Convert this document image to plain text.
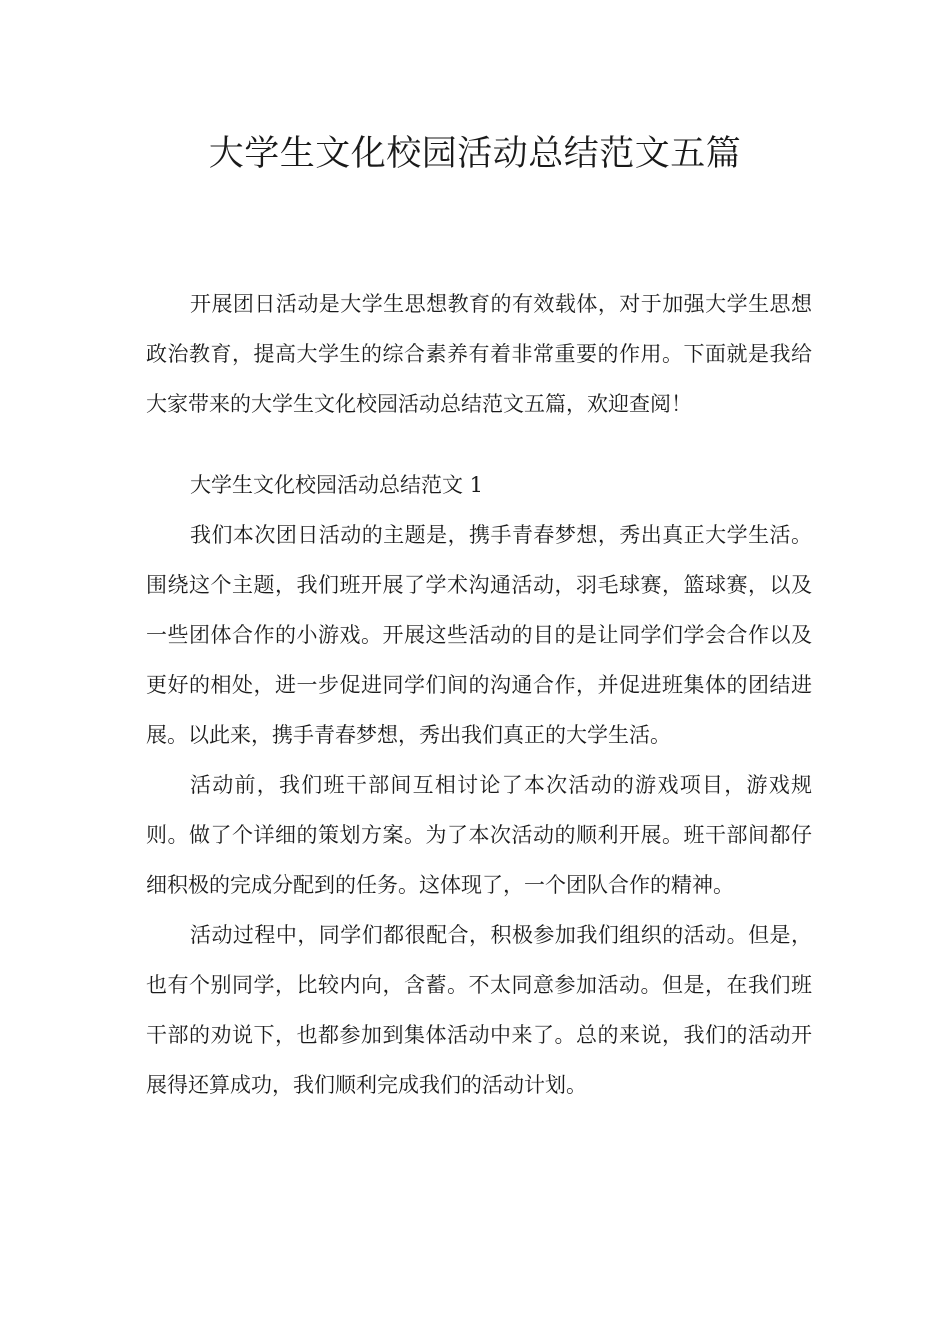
大学生文化校园活动总结范文五篇

开展团日活动是大学生思想教育的有效载体，对于加强大学生思想政治教育，提高大学生的综合素养有着非常重要的作用。下面就是我给大家带来的大学生文化校园活动总结范文五篇，欢迎查阅！

大学生文化校园活动总结范文 1

我们本次团日活动的主题是，携手青春梦想，秀出真正大学生活。围绕这个主题，我们班开展了学术沟通活动，羽毛球赛，篮球赛，以及一些团体合作的小游戏。开展这些活动的目的是让同学们学会合作以及更好的相处，进一步促进同学们间的沟通合作，并促进班集体的团结进展。以此来，携手青春梦想，秀出我们真正的大学生活。

活动前，我们班干部间互相讨论了本次活动的游戏项目，游戏规则。做了个详细的策划方案。为了本次活动的顺利开展。班干部间都仔细积极的完成分配到的任务。这体现了，一个团队合作的精神。

活动过程中，同学们都很配合，积极参加我们组织的活动。但是，也有个别同学，比较内向，含蓄。不太同意参加活动。但是，在我们班干部的劝说下，也都参加到集体活动中来了。总的来说，我们的活动开展得还算成功，我们顺利完成我们的活动计划。
